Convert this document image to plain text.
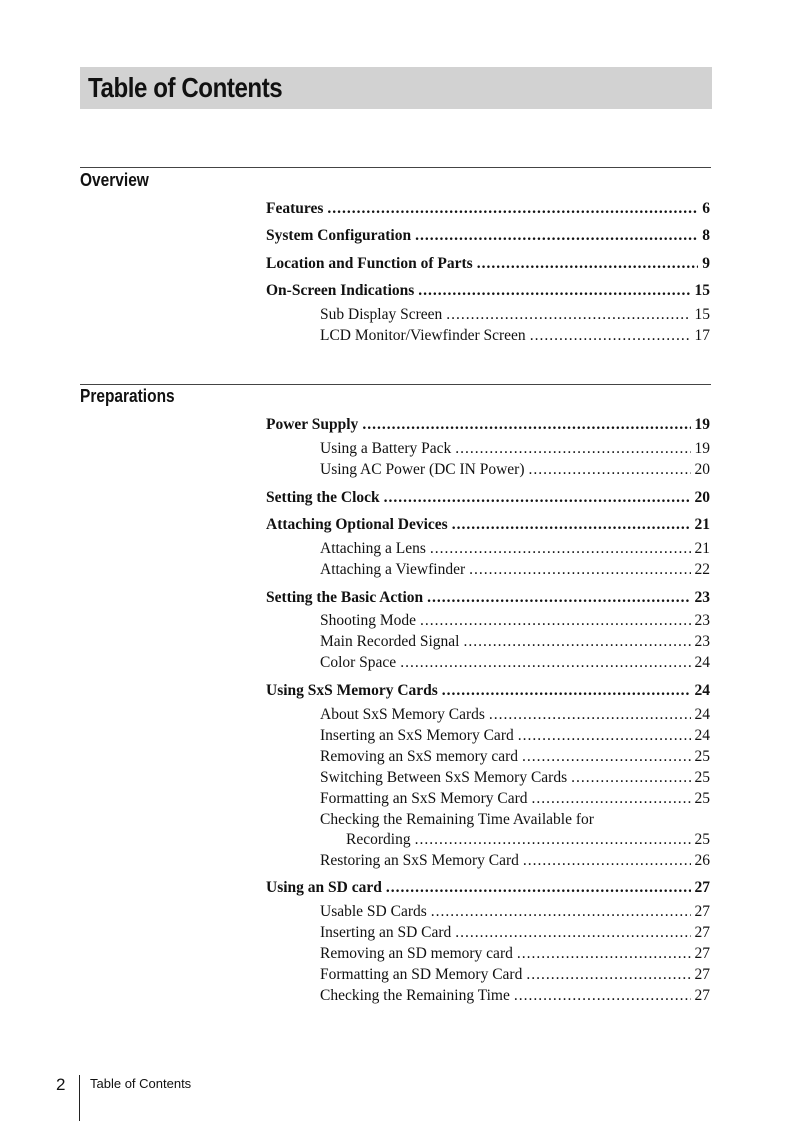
Table of Contents
Overview
Features .....	6
System Configuration .....	8
Location and Function of Parts .....	9
On-Screen Indications .....	15
Sub Display Screen .....	15
LCD Monitor/Viewfinder Screen .....	17
Preparations
Power Supply .....	19
Using a Battery Pack .....	19
Using AC Power (DC IN Power) .....	20
Setting the Clock .....	20
Attaching Optional Devices .....	21
Attaching a Lens .....	21
Attaching a Viewfinder .....	22
Setting the Basic Action .....	23
Shooting Mode .....	23
Main Recorded Signal .....	23
Color Space .....	24
Using SxS Memory Cards .....	24
About SxS Memory Cards .....	24
Inserting an SxS Memory Card .....	24
Removing an SxS memory card .....	25
Switching Between SxS Memory Cards .....	25
Formatting an SxS Memory Card .....	25
Checking the Remaining Time Available for
Recording .....	25
Restoring an SxS Memory Card .....	26
Using an SD card .....	27
Usable SD Cards .....	27
Inserting an SD Card .....	27
Removing an SD memory card .....	27
Formatting an SD Memory Card .....	27
Checking the Remaining Time .....	27
2 Table of Contents
